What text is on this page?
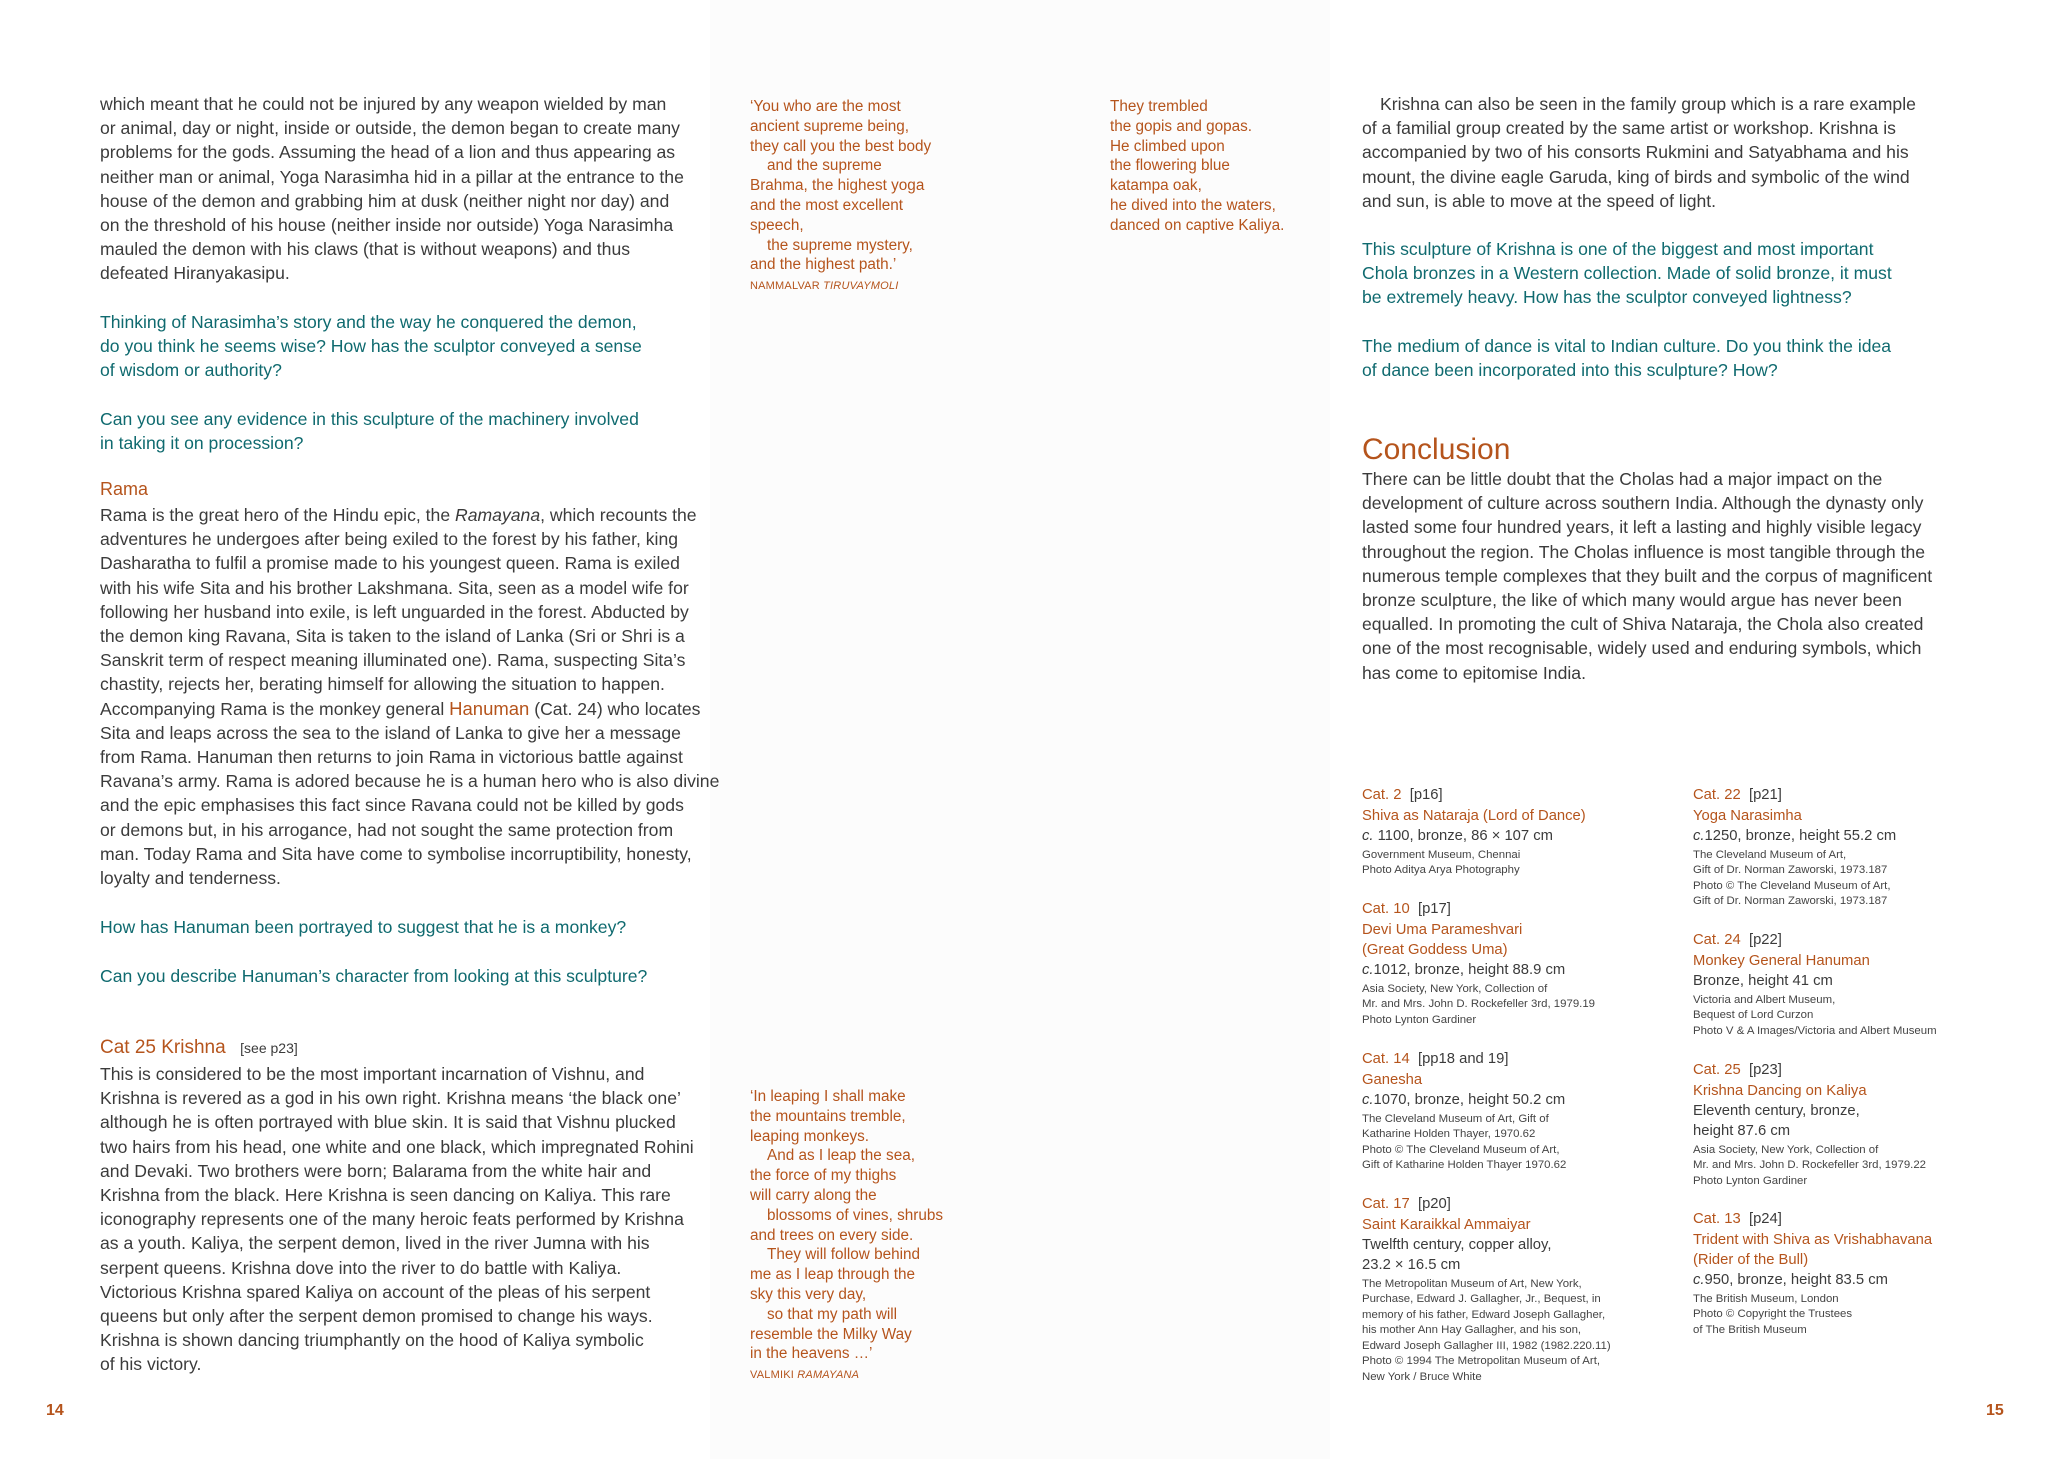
which meant that he could not be injured by any weapon wielded by man

or animal, day or night, inside or outside, the demon began to create many

problems for the gods. Assuming the head of a lion and thus appearing as

neither man or animal, Yoga Narasimha hid in a pillar at the entrance to the

house of the demon and grabbing him at dusk (neither night nor day) and

on the threshold of his house (neither inside nor outside) Yoga Narasimha

mauled the demon with his claws (that is without weapons) and thus

defeated Hiranyakasipu.

Thinking of Narasimha’s story and the way he conquered the demon,

do you think he seems wise? How has the sculptor conveyed a sense

of wisdom or authority?

Can you see any evidence in this sculpture of the machinery involved

in taking it on procession?

Rama

Rama is the great hero of the Hindu epic, the Ramayana, which recounts the

adventures he undergoes after being exiled to the forest by his father, king

Dasharatha to fulfil a promise made to his youngest queen. Rama is exiled

with his wife Sita and his brother Lakshmana. Sita, seen as a model wife for

following her husband into exile, is left unguarded in the forest. Abducted by

the demon king Ravana, Sita is taken to the island of Lanka (Sri or Shri is a

Sanskrit term of respect meaning illuminated one). Rama, suspecting Sita’s

chastity, rejects her, berating himself for allowing the situation to happen.

Accompanying Rama is the monkey general Hanuman (Cat. 24) who locates

Sita and leaps across the sea to the island of Lanka to give her a message

from Rama. Hanuman then returns to join Rama in victorious battle against

Ravana’s army. Rama is adored because he is a human hero who is also divine

and the epic emphasises this fact since Ravana could not be killed by gods

or demons but, in his arrogance, had not sought the same protection from

man. Today Rama and Sita have come to symbolise incorruptibility, honesty,

loyalty and tenderness.

How has Hanuman been portrayed to suggest that he is a monkey?

Can you describe Hanuman’s character from looking at this sculpture?

Cat 25 Krishna [see p23]

This is considered to be the most important incarnation of Vishnu, and

Krishna is revered as a god in his own right. Krishna means ‘the black one’

although he is often portrayed with blue skin. It is said that Vishnu plucked

two hairs from his head, one white and one black, which impregnated Rohini

and Devaki. Two brothers were born; Balarama from the white hair and

Krishna from the black. Here Krishna is seen dancing on Kaliya. This rare

iconography represents one of the many heroic feats performed by Krishna

as a youth. Kaliya, the serpent demon, lived in the river Jumna with his

serpent queens. Krishna dove into the river to do battle with Kaliya.

Victorious Krishna spared Kaliya on account of the pleas of his serpent

queens but only after the serpent demon promised to change his ways.

Krishna is shown dancing triumphantly on the hood of Kaliya symbolic

of his victory.

14
‘You who are the most
ancient supreme being,
they call you the best body
and the supreme
Brahma, the highest yoga
and the most excellent
speech,
the supreme mystery,
and the highest path.’
NAMMALVAR TIRUVAYMOLI
They trembled
the gopis and gopas.
He climbed upon
the flowering blue
katampa oak,
he dived into the waters,
danced on captive Kaliya.
‘In leaping I shall make
the mountains tremble,
leaping monkeys.
And as I leap the sea,
the force of my thighs
will carry along the
blossoms of vines, shrubs
and trees on every side.
They will follow behind
me as I leap through the
sky this very day,
so that my path will
resemble the Milky Way
in the heavens …’
VALMIKI RAMAYANA

Krishna can also be seen in the family group which is a rare example

of a familial group created by the same artist or workshop. Krishna is

accompanied by two of his consorts Rukmini and Satyabhama and his

mount, the divine eagle Garuda, king of birds and symbolic of the wind

and sun, is able to move at the speed of light.

This sculpture of Krishna is one of the biggest and most important

Chola bronzes in a Western collection. Made of solid bronze, it must

be extremely heavy. How has the sculptor conveyed lightness?

The medium of dance is vital to Indian culture. Do you think the idea

of dance been incorporated into this sculpture? How?

Conclusion

There can be little doubt that the Cholas had a major impact on the

development of culture across southern India. Although the dynasty only

lasted some four hundred years, it left a lasting and highly visible legacy

throughout the region. The Cholas influence is most tangible through the

numerous temple complexes that they built and the corpus of magnificent

bronze sculpture, the like of which many would argue has never been

equalled. In promoting the cult of Shiva Nataraja, the Chola also created

one of the most recognisable, widely used and enduring symbols, which

has come to epitomise India.

Cat. 2 [p16]
Shiva as Nataraja (Lord of Dance)
c. 1100, bronze, 86 × 107 cm
Government Museum, Chennai
Photo Aditya Arya Photography
Cat. 10 [p17]
Devi Uma Parameshvari
(Great Goddess Uma)
c.1012, bronze, height 88.9 cm
Asia Society, New York, Collection of
Mr. and Mrs. John D. Rockefeller 3rd, 1979.19
Photo Lynton Gardiner
Cat. 14 [pp18 and 19]
Ganesha
c.1070, bronze, height 50.2 cm
The Cleveland Museum of Art, Gift of
Katharine Holden Thayer, 1970.62
Photo © The Cleveland Museum of Art,
Gift of Katharine Holden Thayer 1970.62
Cat. 17 [p20]
Saint Karaikkal Ammaiyar
Twelfth century, copper alloy,
23.2 × 16.5 cm
The Metropolitan Museum of Art, New York,
Purchase, Edward J. Gallagher, Jr., Bequest, in
memory of his father, Edward Joseph Gallagher,
his mother Ann Hay Gallagher, and his son,
Edward Joseph Gallagher III, 1982 (1982.220.11)
Photo © 1994 The Metropolitan Museum of Art,
New York / Bruce White
Cat. 22 [p21]
Yoga Narasimha
c.1250, bronze, height 55.2 cm
The Cleveland Museum of Art,
Gift of Dr. Norman Zaworski, 1973.187
Photo © The Cleveland Museum of Art,
Gift of Dr. Norman Zaworski, 1973.187
Cat. 24 [p22]
Monkey General Hanuman
Bronze, height 41 cm
Victoria and Albert Museum,
Bequest of Lord Curzon
Photo V & A Images/Victoria and Albert Museum
Cat. 25 [p23]
Krishna Dancing on Kaliya
Eleventh century, bronze,
height 87.6 cm
Asia Society, New York, Collection of
Mr. and Mrs. John D. Rockefeller 3rd, 1979.22
Photo Lynton Gardiner
Cat. 13 [p24]
Trident with Shiva as Vrishabhavana
(Rider of the Bull)
c.950, bronze, height 83.5 cm
The British Museum, London
Photo © Copyright the Trustees
of The British Museum
15
